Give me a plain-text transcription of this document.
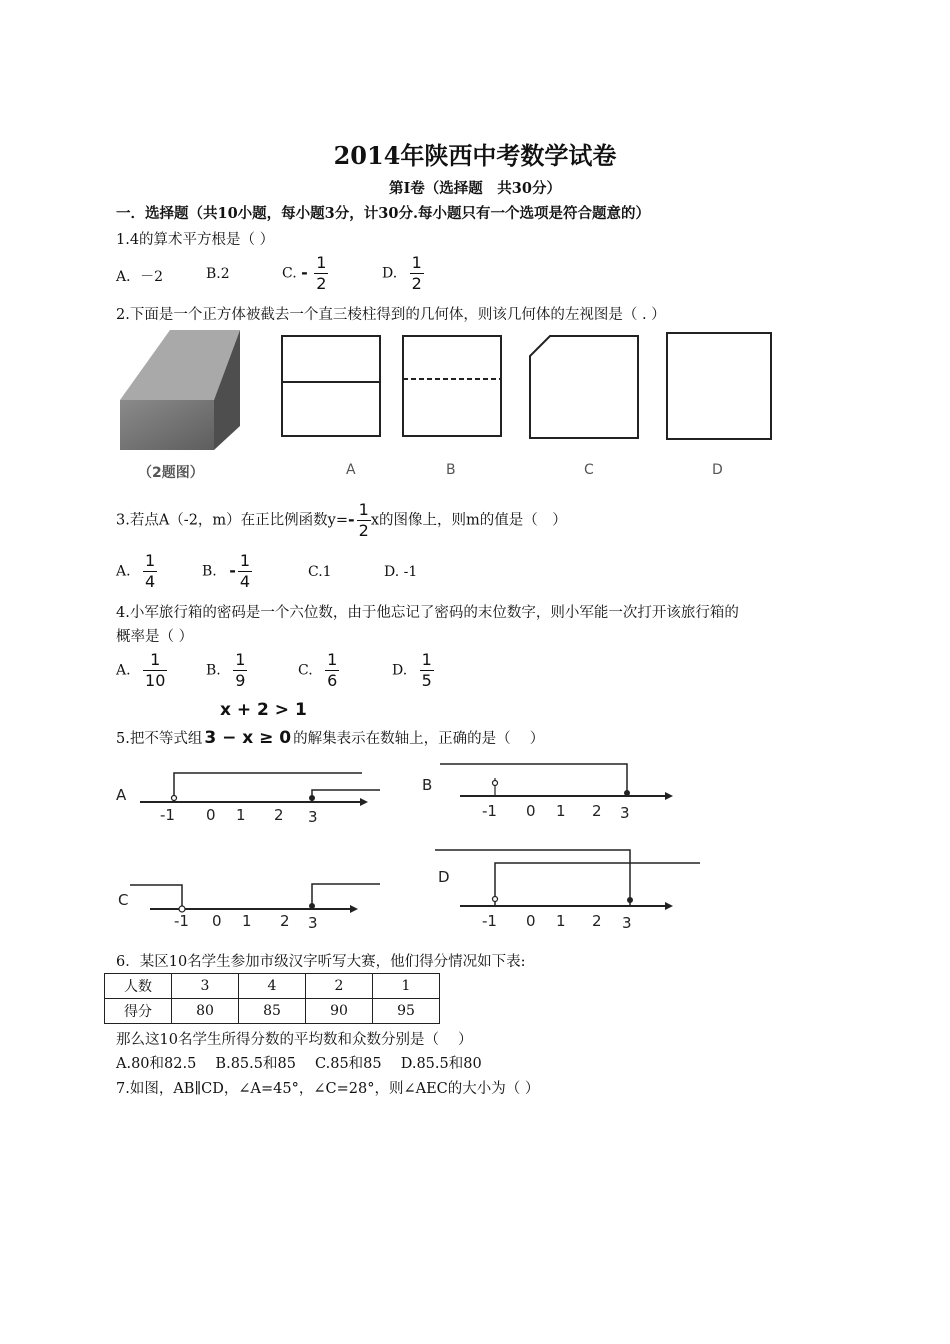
2014年陕西中考数学试卷
第Ⅰ卷（选择题　共30分）
一．选择题（共10小题，每小题3分，计30分.每小题只有一个选项是符合题意的）
1.4的算术平方根是（ ）
A．－2	B.2	C. - $\frac{1}{2}$	D. $\frac{1}{2}$
2.下面是一个正方体被截去一个直三棱柱得到的几何体，则该几何体的左视图是（ . ）
（2题图）	A	B	C	D
3.若点A（-2，m）在正比例函数$y=- \frac{1}{2}$ x的图像上，则m的值是（　）
A. $\frac{1}{4}$	B. - $\frac{1}{4}$	C.1	D. -1
4.小军旅行箱的密码是一个六位数，由于他忘记了密码的末位数字，则小军能一次打开该旅行箱的
概率是（ ）
A. $\frac{1}{10}$	B. $\frac{1}{9}$	C. $\frac{1}{6}$	D. $\frac{1}{5}$
x + 2 > 1
5.把不等式组 3 − x ≥ 0 的解集表示在数轴上，正确的是（　 ）
A
-1 0 1 2 3
B
-1 0 1 2 3
C
-1 0 1 2 3
D
-1 0 1 2 3
6．某区10名学生参加市级汉字听写大赛，他们得分情况如下表:
人数	3	4	2	1
得分	80	85	90	95
那么这10名学生所得分数的平均数和众数分别是（　 ）
A.80和82.5　 B.85.5和85　 C.85和85　 D.85.5和80
7.如图，AB∥CD，∠A=45°，∠C=28°，则∠AEC的大小为（ ）
